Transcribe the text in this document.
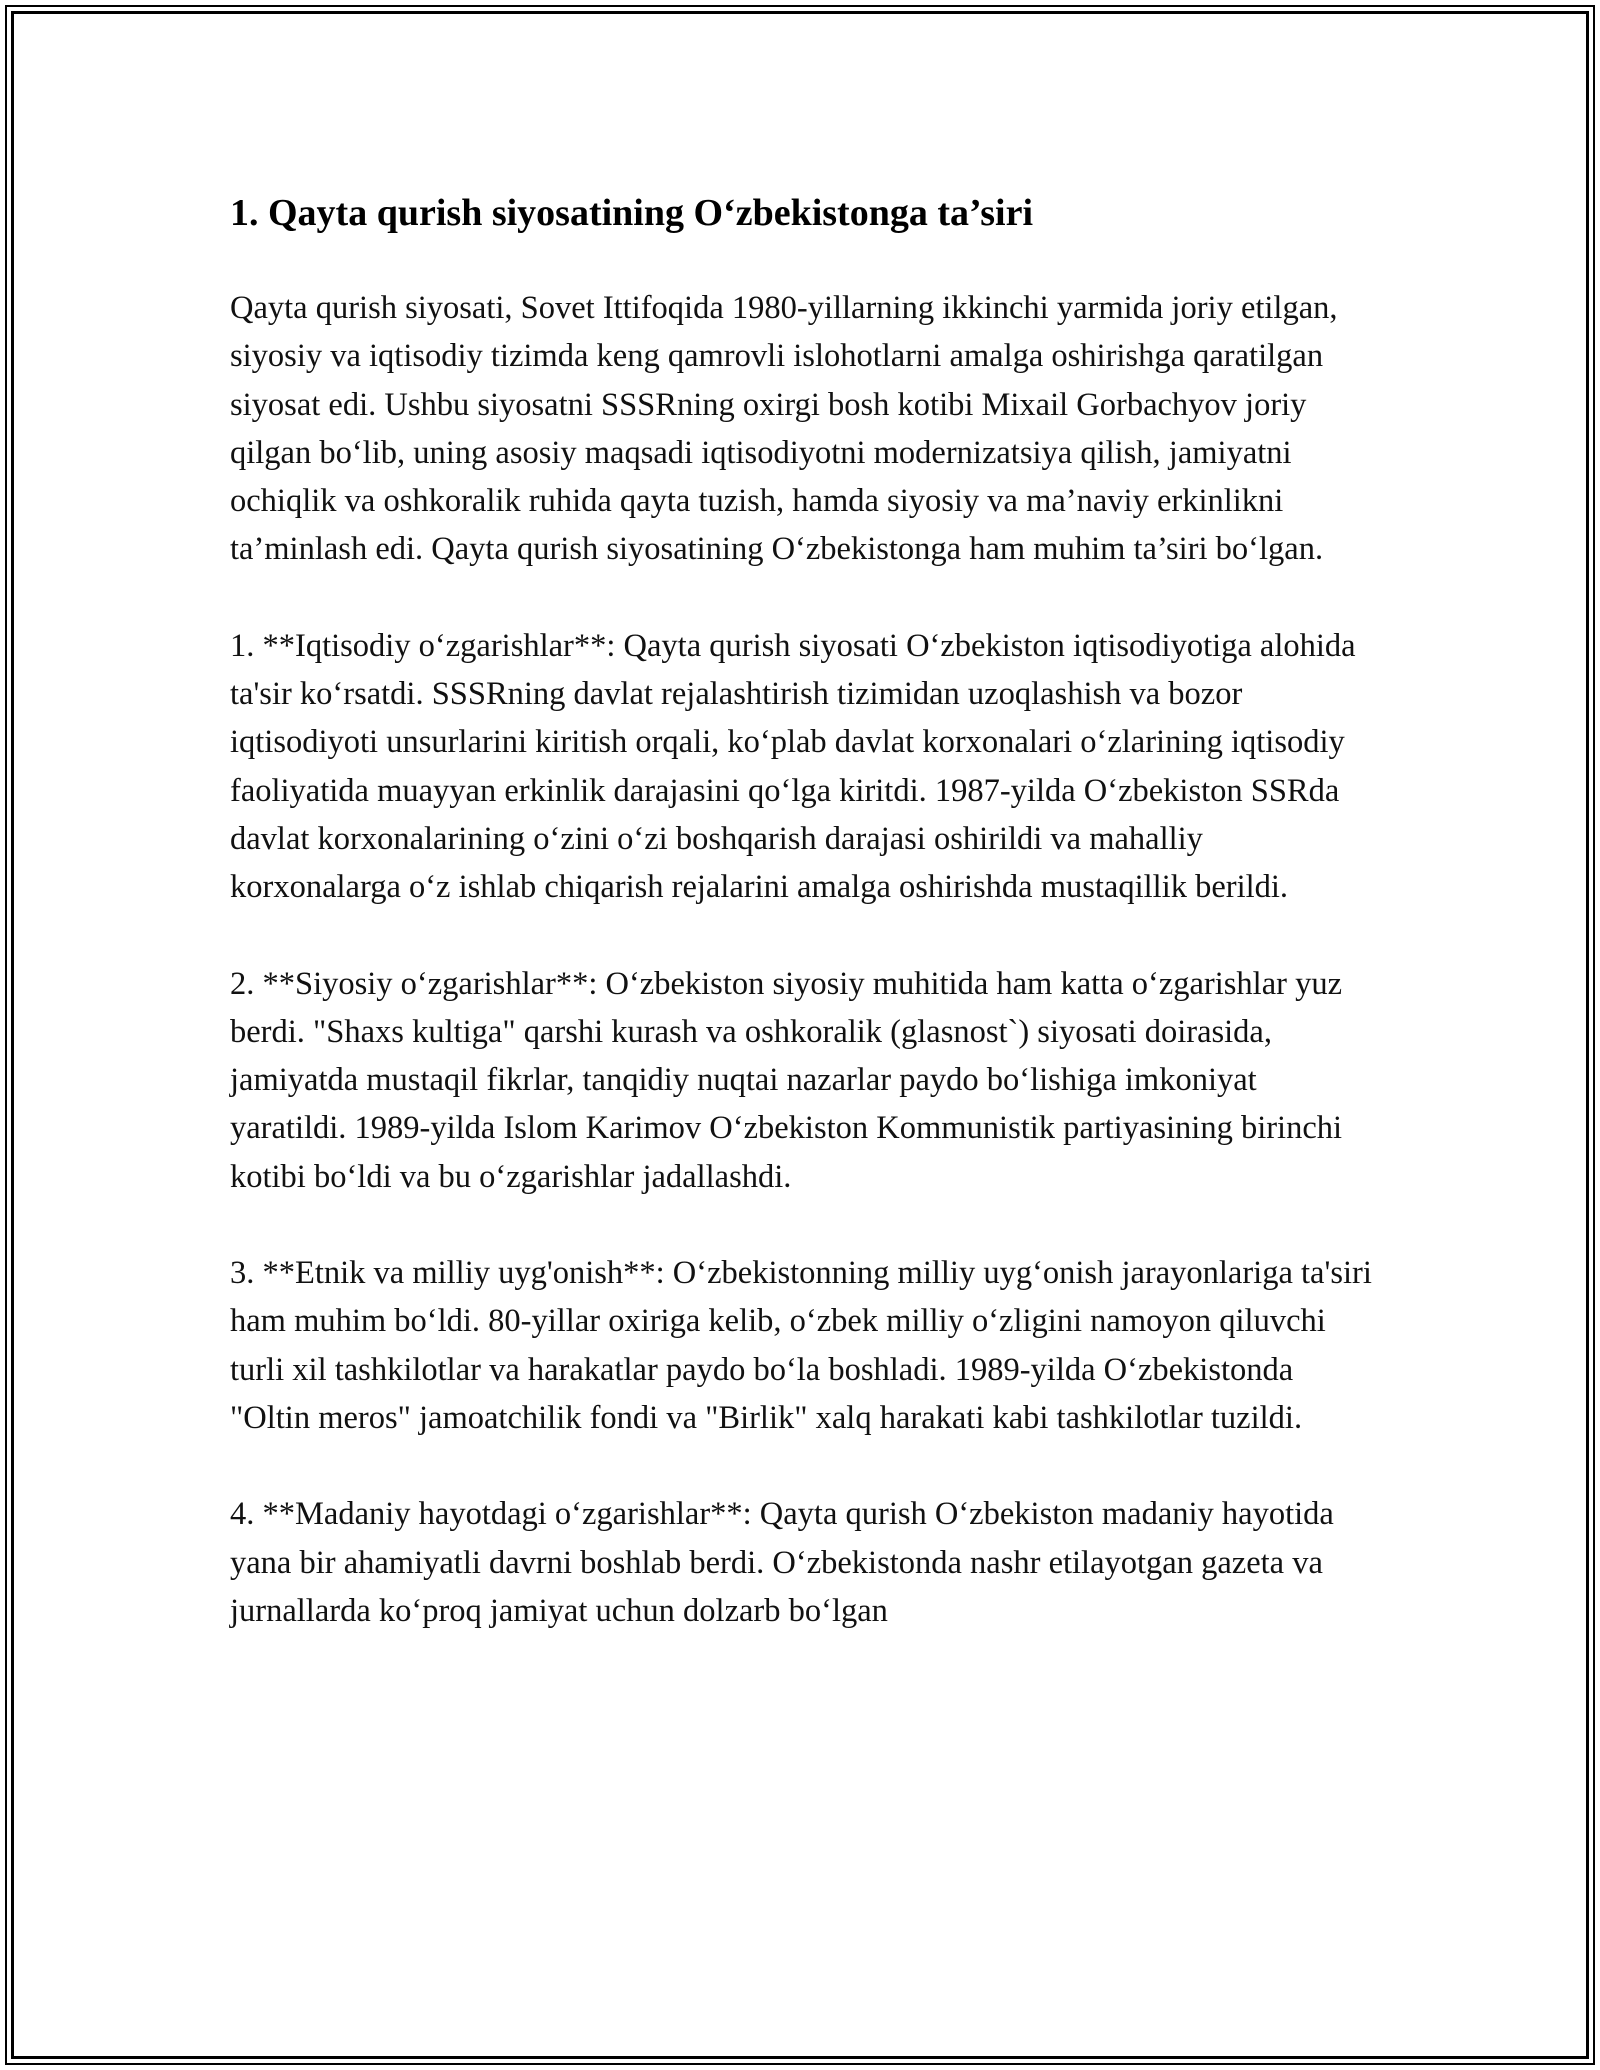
1. Qayta qurish siyosatining O‘zbekistonga ta’siri

Qayta qurish siyosati, Sovet Ittifoqida 1980-yillarning ikkinchi yarmida joriy etilgan, siyosiy va iqtisodiy tizimda keng qamrovli islohotlarni amalga oshirishga qaratilgan siyosat edi. Ushbu siyosatni SSSRning oxirgi bosh kotibi Mixail Gorbachyov joriy qilgan bo‘lib, uning asosiy maqsadi iqtisodiyotni modernizatsiya qilish, jamiyatni ochiqlik va oshkoralik ruhida qayta tuzish, hamda siyosiy va ma’naviy erkinlikni ta’minlash edi. Qayta qurish siyosatining O‘zbekistonga ham muhim ta’siri bo‘lgan.

1. **Iqtisodiy o‘zgarishlar**: Qayta qurish siyosati O‘zbekiston iqtisodiyotiga alohida ta'sir ko‘rsatdi. SSSRning davlat rejalashtirish tizimidan uzoqlashish va bozor iqtisodiyoti unsurlarini kiritish orqali, ko‘plab davlat korxonalari o‘zlarining iqtisodiy faoliyatida muayyan erkinlik darajasini qo‘lga kiritdi. 1987-yilda O‘zbekiston SSRda davlat korxonalarining o‘zini o‘zi boshqarish darajasi oshirildi va mahalliy korxonalarga o‘z ishlab chiqarish rejalarini amalga oshirishda mustaqillik berildi.

2. **Siyosiy o‘zgarishlar**: O‘zbekiston siyosiy muhitida ham katta o‘zgarishlar yuz berdi. "Shaxs kultiga" qarshi kurash va oshkoralik (glasnost`) siyosati doirasida, jamiyatda mustaqil fikrlar, tanqidiy nuqtai nazarlar paydo bo‘lishiga imkoniyat yaratildi. 1989-yilda Islom Karimov O‘zbekiston Kommunistik partiyasining birinchi kotibi bo‘ldi va bu o‘zgarishlar jadallashdi.

3. **Etnik va milliy uyg'onish**: O‘zbekistonning milliy uyg‘onish jarayonlariga ta'siri ham muhim bo‘ldi. 80-yillar oxiriga kelib, o‘zbek milliy o‘zligini namoyon qiluvchi turli xil tashkilotlar va harakatlar paydo bo‘la boshladi. 1989-yilda O‘zbekistonda "Oltin meros" jamoatchilik fondi va "Birlik" xalq harakati kabi tashkilotlar tuzildi.

4. **Madaniy hayotdagi o‘zgarishlar**: Qayta qurish O‘zbekiston madaniy hayotida yana bir ahamiyatli davrni boshlab berdi. O‘zbekistonda nashr etilayotgan gazeta va jurnallarda ko‘proq jamiyat uchun dolzarb bo‘lgan
